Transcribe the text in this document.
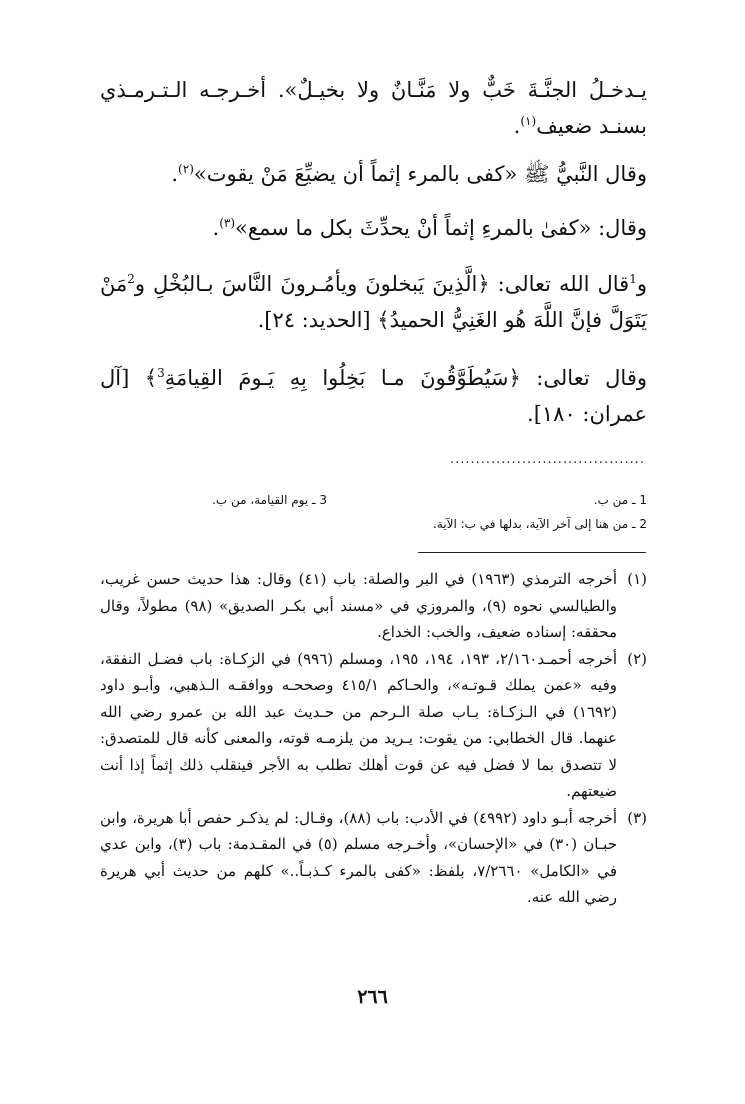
يـدخـلُ الجنَّـةَ خَبٌّ ولا مَنَّـانٌ ولا بخيـلٌ». أخـرجـه الـتـرمـذي بسنـد ضعيف$^{(١)}$.

وقال النَّبيُّ ﷺ «كفى بالمرء إثماً أن يضيِّعَ مَنْ يقوت»$^{(٢)}$.

وقال: «كفىٰ بالمرءِ إثماً أنْ يحدِّثَ بكل ما سمع»$^{(٣)}$.

و$^1$قال الله تعالى: ﴿الَّذِينَ يَبخلونَ ويأمُـرونَ النَّاسَ بـالبُخْلِ و$^2$مَنْ يَتَوَلَّ فإنَّ اللَّهَ هُو الغَنِيُّ الحميدُ﴾ [الحديد: ٢٤].

وقال تعالى: ﴿سَيُطَوَّقُونَ مـا بَخِلُوا بِهِ يَـومَ القِيامَةِ$^3$﴾ [آل عمران: ١٨٠].

......................................
1 ـ من ب.
3 ـ يوم القيامة، من ب.
2 ـ من هنا إلى آخر الآية، بدلها في ب: الآية.

(١)
أخرجه الترمذي (١٩٦٣) في البر والصلة: باب (٤١) وقال: هذا حديث حسن غريب، والطيالسي نحوه (٩)، والمروزي في «مسند أبي بكـر الصديق» (٩٨) مطولاً، وقال محققه: إسناده ضعيف، والخب: الخداع.

(٢)
أخرجه أحمـد٢/١٦٠، ١٩٣، ١٩٤، ١٩٥، ومسلم (٩٩٦) في الزكـاة: باب فضـل النفقة، وفيه «عمن يملك قـوتـه»، والحـاكم ٤١٥/١ وصححـه ووافقـه الـذهبي، وأبـو داود (١٦٩٢) في الـزكـاة: بـاب صلة الـرحم من حـديث عبد الله بن عمرو رضي الله عنهما. قال الخطابي: من يقوت: يـريد من يلزمـه قوته، والمعنى كأنه قال للمتصدق: لا تتصدق بما لا فضل فيه عن قوت أهلك تطلب به الأجر فينقلب ذلك إثماً إذا أنت ضيعتهم.

(٣)
أخرجه أبـو داود (٤٩٩٢) في الأدب: باب (٨٨)، وقـال: لم يذكـر حفص أبا هريرة، وابن حبـان (٣٠) في «الإحسان»، وأخـرجه مسلم (٥) في المقـدمة: باب (٣)، وابن عدي في «الكامل» ٧/٢٦٦٠، بلفظ: «كفى بالمرء كـذبـاً..» كلهم من حديث أبي هريرة رضي الله عنه.

٢٦٦
